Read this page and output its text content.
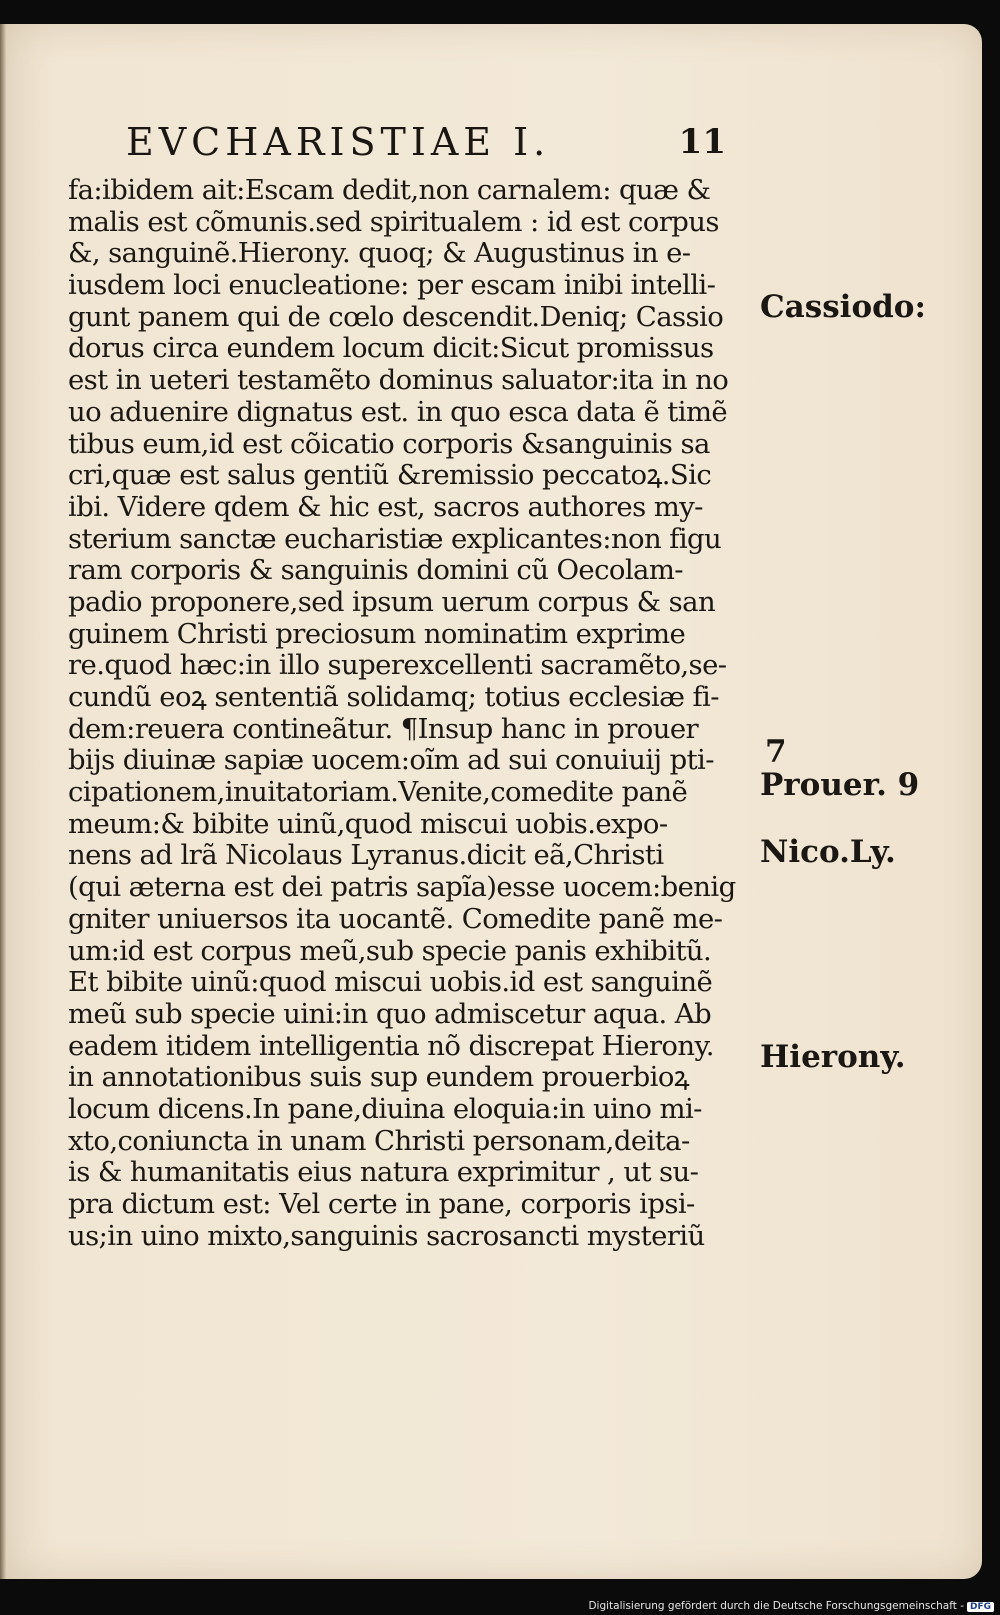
EVCHARISTIAE I.	11
fa:ibidem ait:Escam dedit,non carnalem: quæ &
malis est cõmunis.sed spiritualem : id est corpus
&, sanguinẽ.Hierony. quoq; & Augustinus in e-
iusdem loci enucleatione: per escam inibi intelli-
gunt panem qui de cœlo descendit.Deniq; Cassio
dorus circa eundem locum dicit:Sicut promissus
est in ueteri testamẽto dominus saluator:ita in no
uo aduenire dignatus est. in quo esca data ẽ timẽ
tibus eum,id est cõicatio corporis &sanguinis sa
cri,quæ est salus gentiũ &remissio peccatoꝝ.Sic
ibi. Videre qdem & hic est, sacros authores my-
sterium sanctæ eucharistiæ explicantes:non figu
ram corporis & sanguinis domini cũ Oecolam-
padio proponere,sed ipsum uerum corpus & san
guinem Christi preciosum nominatim exprime
re.quod hæc:in illo superexcellenti sacramẽto,se-
cundũ eoꝝ sententiã solidamq; totius ecclesiæ fi-
dem:reuera contineãtur. ¶Insup hanc in prouer
bijs diuinæ sapiæ uocem:oĩm ad sui conuiuij pti-
cipationem,inuitatoriam.Venite,comedite panẽ
meum:& bibite uinũ,quod miscui uobis.expo-
nens ad lrã Nicolaus Lyranus.dicit eã,Christi
(qui æterna est dei patris sapĩa)esse uocem:benig
gniter uniuersos ita uocantẽ. Comedite panẽ me-
um:id est corpus meũ,sub specie panis exhibitũ.
Et bibite uinũ:quod miscui uobis.id est sanguinẽ
meũ sub specie uini:in quo admiscetur aqua. Ab
eadem itidem intelligentia nõ discrepat Hierony.
in annotationibus suis sup eundem prouerbioꝝ
locum dicens.In pane,diuina eloquia:in uino mi-
xto,coniuncta in unam Christi personam,deita-
is & humanitatis eius natura exprimitur , ut su-
pra dictum est: Vel certe in pane, corporis ipsi-
us;in uino mixto,sanguinis sacrosancti mysteriũ
Cassiodo:
7
Prouer. 9
Nico.Ly.
Hierony.
Digitalisierung gefördert durch die Deutsche Forschungsgemeinschaft - DFG
